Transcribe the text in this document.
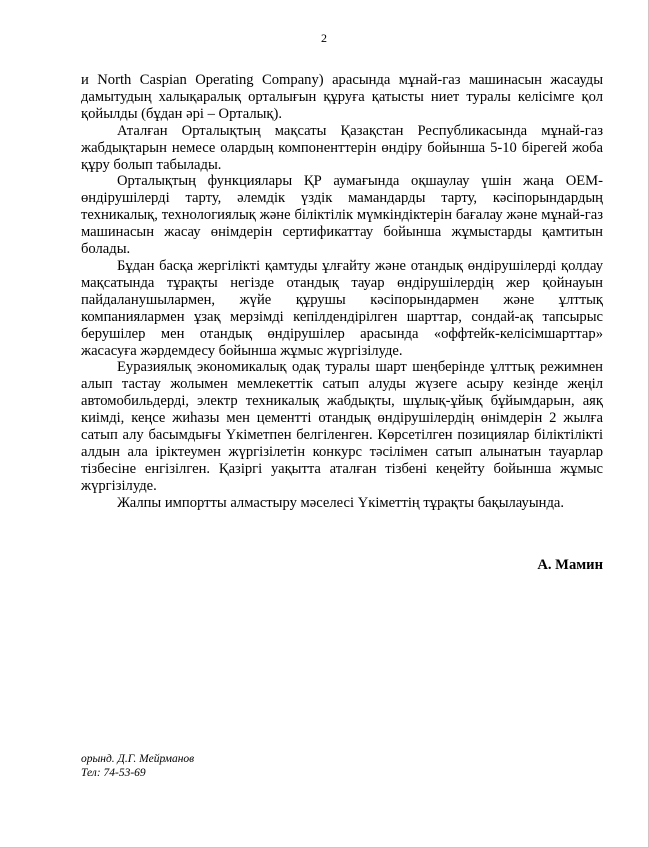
2

и North Caspian Operating Company) арасында мұнай-газ машинасын жасауды дамытудың халықаралық орталығын құруға қатысты ниет туралы келісімге қол қойылды (бұдан әрі – Орталық).

Аталған Орталықтың мақсаты Қазақстан Республикасында мұнай-газ жабдықтарын немесе олардың компоненттерін өндіру бойынша 5-10 бірегей жоба құру болып табылады.

Орталықтың функциялары ҚР аумағында оқшаулау үшін жаңа ОЕМ-өндірушілерді тарту, әлемдік үздік мамандарды тарту, кәсіпорындардың техникалық, технологиялық және біліктілік мүмкіндіктерін бағалау және мұнай-газ машинасын жасау өнімдерін сертификаттау бойынша жұмыстарды қамтитын болады.

Бұдан басқа жергілікті қамтуды ұлғайту және отандық өндірушілерді қолдау мақсатында тұрақты негізде отандық тауар өндірушілердің жер қойнауын пайдаланушылармен, жүйе құрушы кәсіпорындармен және ұлттық компаниялармен ұзақ мерзімді кепілдендірілген шарттар, сондай-ақ тапсырыс берушілер мен отандық өндірушілер арасында «оффтейк-келісімшарттар» жасасуға жәрдемдесу бойынша жұмыс жүргізілуде.

Еуразиялық экономикалық одақ туралы шарт шеңберінде ұлттық режимнен алып тастау жолымен мемлекеттік сатып алуды жүзеге асыру кезінде жеңіл автомобильдерді, электр техникалық жабдықты, шұлық-ұйық бұйымдарын, аяқ киімді, кеңсе жиһазы мен цементті отандық өндірушілердің өнімдерін 2 жылға сатып алу басымдығы Үкіметпен белгіленген. Көрсетілген позициялар біліктілікті алдын ала іріктеумен жүргізілетін конкурс тәсілімен сатып алынатын тауарлар тізбесіне енгізілген. Қазіргі уақытта аталған тізбені кеңейту бойынша жұмыс жүргізілуде.

Жалпы импортты алмастыру мәселесі Үкіметтің тұрақты бақылауында.

А. Мамин
орынд. Д.Г. Мейрманов
Тел: 74-53-69
